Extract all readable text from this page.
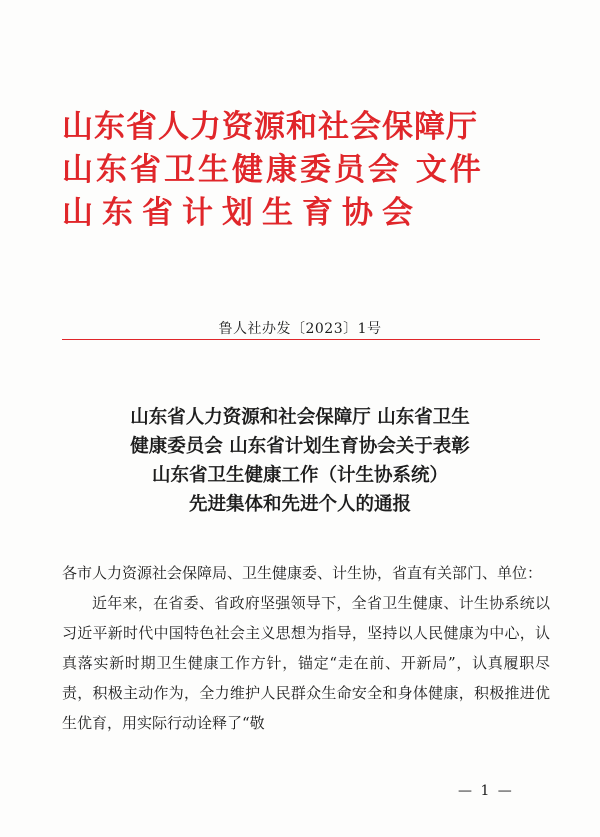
山东省人力资源和社会保障厅
山东省卫生健康委员会 文件
山东省计划生育协会
鲁人社办发〔2023〕1号
山东省人力资源和社会保障厅 山东省卫生
健康委员会 山东省计划生育协会关于表彰
山东省卫生健康工作（计生协系统）
先进集体和先进个人的通报

各市人力资源社会保障局、卫生健康委、计生协，省直有关部门、单位：

近年来，在省委、省政府坚强领导下，全省卫生健康、计生协系统以习近平新时代中国特色社会主义思想为指导，坚持以人民健康为中心，认真落实新时期卫生健康工作方针，锚定“走在前、开新局”，认真履职尽责，积极主动作为，全力维护人民群众生命安全和身体健康，积极推进优生优育，用实际行动诠释了“敬

— 1 —
